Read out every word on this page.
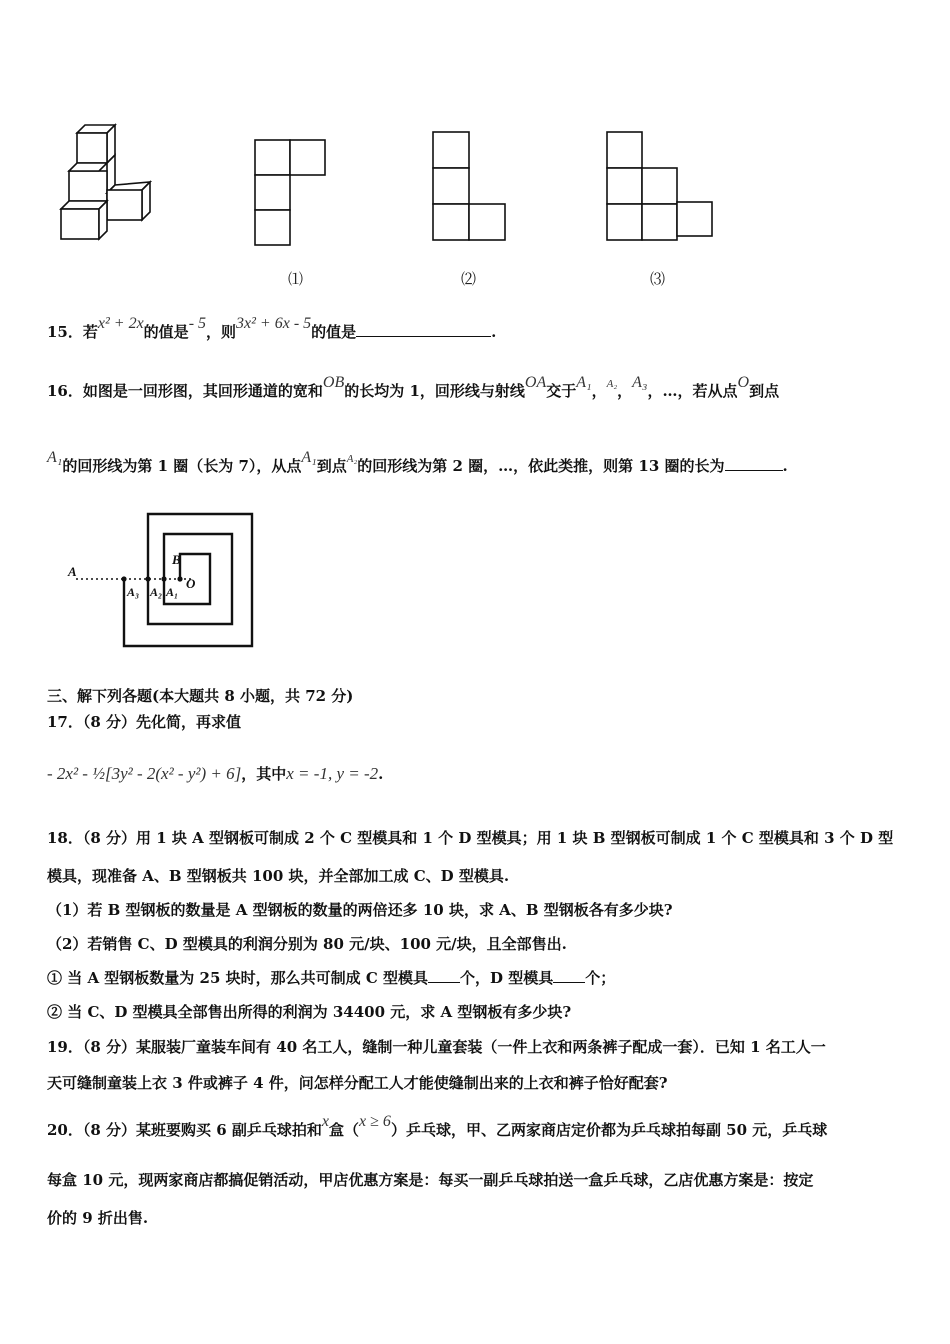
⑴	⑵	⑶
15．若x² + 2x的值是- 5，则3x² + 6x - 5的值是	.
16．如图是一回形图，其回形通道的宽和OB的长均为 1，回形线与射线OA交于A₁，$^{A_2}$，A₃，…，若从点O到点
A₁的回形线为第 1 圈（长为 7），从点A₁到点$^{A_2}$的回形线为第 2 圈，…，依此类推，则第 13 圈的长为	.
A
B
O
A₃ A₂ A₁
三、解下列各题(本大题共 8 小题，共 72 分)
17．（8 分）先化简，再求值
- 2x² - ½[3y² - 2(x² - y²) + 6]，其中x = -1, y = -2.
18．（8 分）用 1 块 A 型钢板可制成 2 个 C 型模具和 1 个 D 型模具；用 1 块 B 型钢板可制成 1 个 C 型模具和 3 个 D 型
模具，现准备 A、B 型钢板共 100 块，并全部加工成 C、D 型模具.
（1）若 B 型钢板的数量是 A 型钢板的数量的两倍还多 10 块，求 A、B 型钢板各有多少块?
（2）若销售 C、D 型模具的利润分别为 80 元/块、100 元/块，且全部售出.
① 当 A 型钢板数量为 25 块时，那么共可制成 C 型模具 个，D 型模具 个；
② 当 C、D 型模具全部售出所得的利润为 34400 元，求 A 型钢板有多少块?
19．（8 分）某服装厂童装车间有 40 名工人，缝制一种儿童套装（一件上衣和两条裤子配成一套）．已知 1 名工人一
天可缝制童装上衣 3 件或裤子 4 件，问怎样分配工人才能使缝制出来的上衣和裤子恰好配套?
20．（8 分）某班要购买 6 副乒乓球拍和x盒（x ≥ 6）乒乓球，甲、乙两家商店定价都为乒乓球拍每副 50 元，乒乓球
每盒 10 元，现两家商店都搞促销活动，甲店优惠方案是：每买一副乒乓球拍送一盒乒乓球，乙店优惠方案是：按定
价的 9 折出售.
